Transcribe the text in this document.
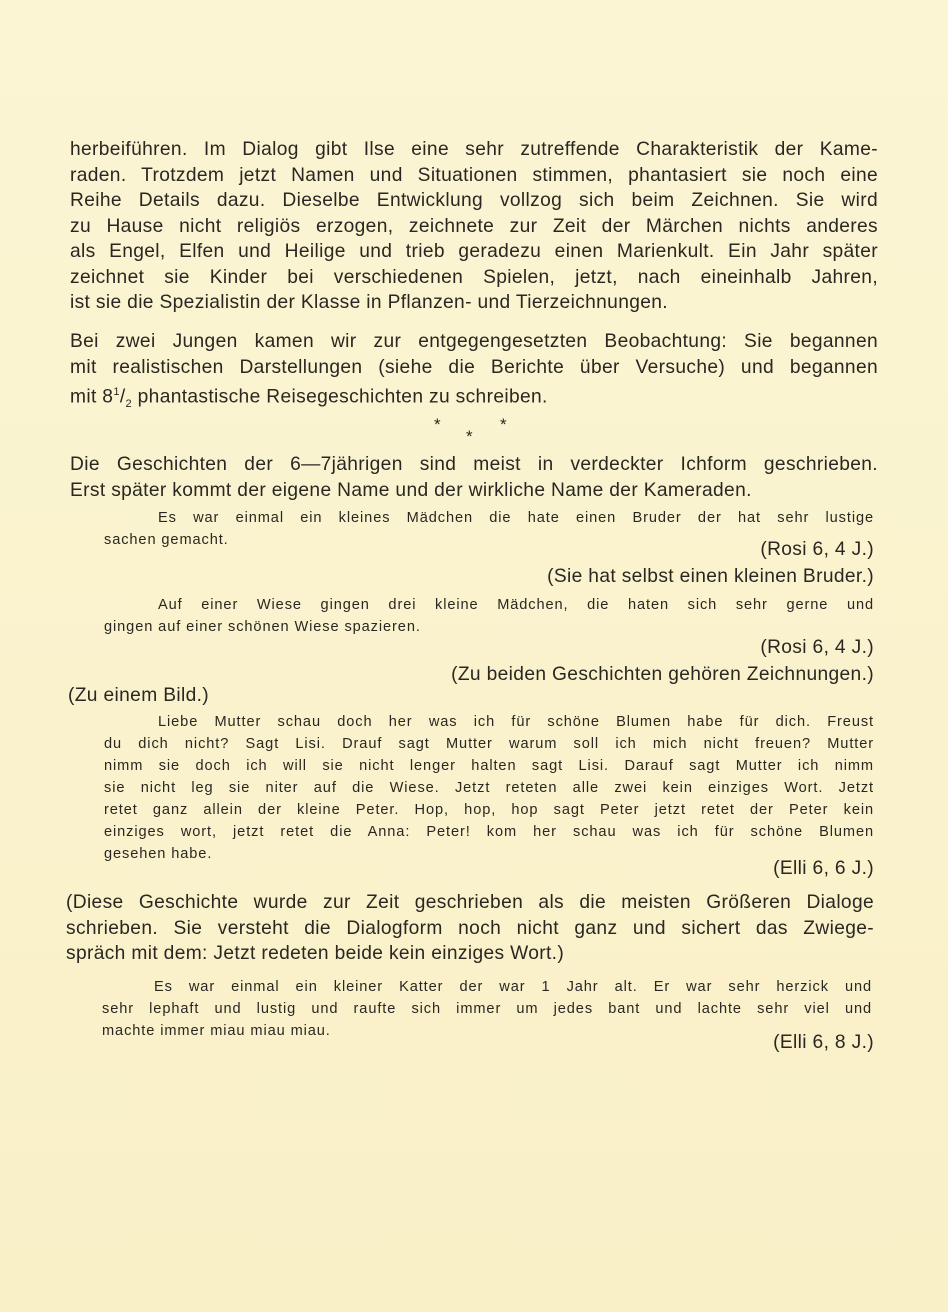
herbeiführen. Im Dialog gibt Ilse eine sehr zutreffende Charakteristik der Kame-
raden. Trotzdem jetzt Namen und Situationen stimmen, phantasiert sie noch eine
Reihe Details dazu. Dieselbe Entwicklung vollzog sich beim Zeichnen. Sie wird
zu Hause nicht religiös erzogen, zeichnete zur Zeit der Märchen nichts anderes
als Engel, Elfen und Heilige und trieb geradezu einen Marienkult. Ein Jahr später
zeichnet sie Kinder bei verschiedenen Spielen, jetzt, nach eineinhalb Jahren,
ist sie die Spezialistin der Klasse in Pflanzen- und Tierzeichnungen.
Bei zwei Jungen kamen wir zur entgegengesetzten Beobachtung: Sie begannen
mit realistischen Darstellungen (siehe die Berichte über Versuche) und begannen
mit $8^1/_2$ phantastische Reisegeschichten zu schreiben.
*
*
*
Die Geschichten der 6—7jährigen sind meist in verdeckter Ichform geschrieben.
Erst später kommt der eigene Name und der wirkliche Name der Kameraden.
Es war einmal ein kleines Mädchen die hate einen Bruder der hat sehr lustige
sachen gemacht.	(Rosi 6, 4 J.)
(Sie hat selbst einen kleinen Bruder.)
Auf einer Wiese gingen drei kleine Mädchen, die haten sich sehr gerne und
gingen auf einer schönen Wiese spazieren.
(Rosi 6, 4 J.)
(Zu beiden Geschichten gehören Zeichnungen.)
(Zu einem Bild.)
Liebe Mutter schau doch her was ich für schöne Blumen habe für dich. Freust
du dich nicht? Sagt Lisi. Drauf sagt Mutter warum soll ich mich nicht freuen? Mutter
nimm sie doch ich will sie nicht lenger halten sagt Lisi. Darauf sagt Mutter ich nimm
sie nicht leg sie niter auf die Wiese. Jetzt reteten alle zwei kein einziges Wort. Jetzt
retet ganz allein der kleine Peter. Hop, hop, hop sagt Peter jetzt retet der Peter kein
einziges wort, jetzt retet die Anna: Peter! kom her schau was ich für schöne Blumen
gesehen habe.
(Elli 6, 6 J.)
(Diese Geschichte wurde zur Zeit geschrieben als die meisten Größeren Dialoge
schrieben. Sie versteht die Dialogform noch nicht ganz und sichert das Zwiege-
spräch mit dem: Jetzt redeten beide kein einziges Wort.)
Es war einmal ein kleiner Katter der war 1 Jahr alt. Er war sehr herzick und
sehr lephaft und lustig und raufte sich immer um jedes bant und lachte sehr viel und
machte immer miau miau miau.
(Elli 6, 8 J.)
